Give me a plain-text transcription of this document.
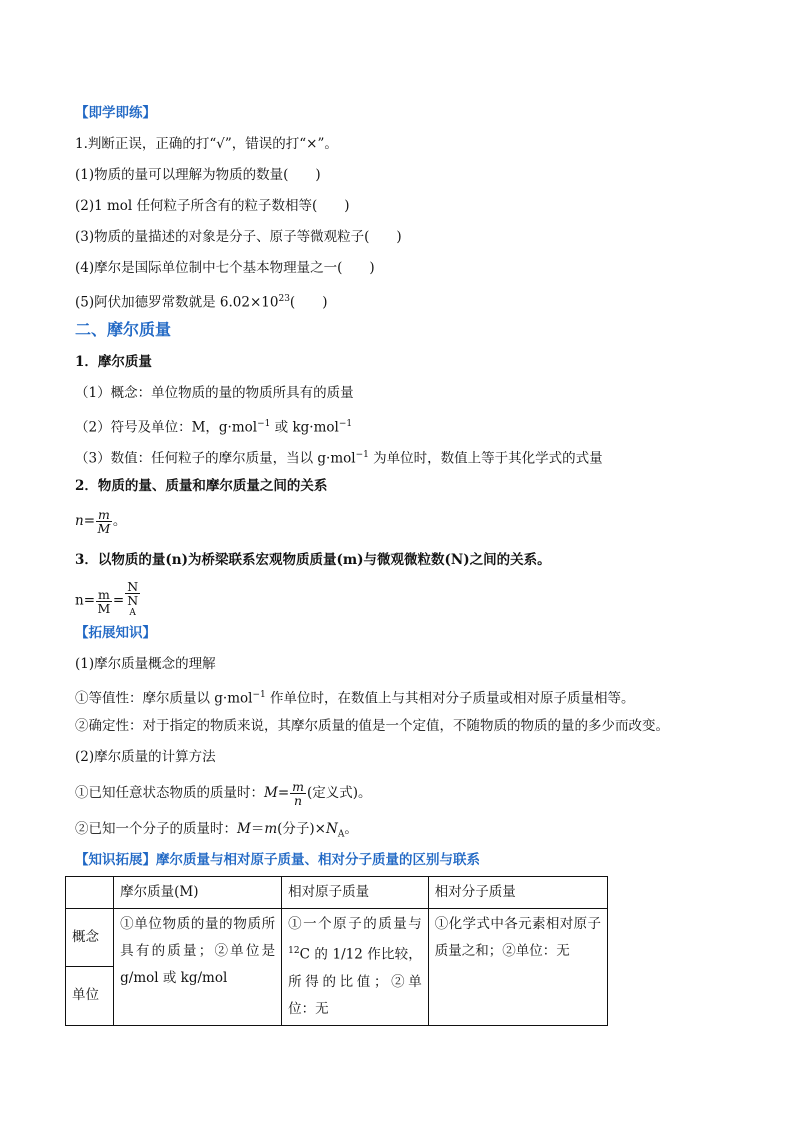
【即学即练】
1.判断正误，正确的打“√”，错误的打“×”。
(1)物质的量可以理解为物质的数量(　　)
(2)1 mol 任何粒子所含有的粒子数相等(　　)
(3)物质的量描述的对象是分子、原子等微观粒子(　　)
(4)摩尔是国际单位制中七个基本物理量之一(　　)
(5)阿伏加德罗常数就是 $6.02\times 10^{23}$(　　)
二、摩尔质量
1．摩尔质量
（1）概念：单位物质的量的物质所具有的质量
（2）符号及单位：M，g·mol$^{-1}$ 或 kg·mol$^{-1}$
（3）数值：任何粒子的摩尔质量，当以 g·mol$^{-1}$ 为单位时，数值上等于其化学式的式量
2．物质的量、质量和摩尔质量之间的关系
$n= \frac{m}{M}$ 。
3．以物质的量(n)为桥梁联系宏观物质质量(m)与微观微粒数(N)之间的关系。
$n= \frac{m}{M} = N$
N
$^A$
【拓展知识】
(1)摩尔质量概念的理解
①等值性：摩尔质量以 g·mol$^{-1}$ 作单位时，在数值上与其相对分子质量或相对原子质量相等。
②确定性：对于指定的物质来说，其摩尔质量的值是一个定值，不随物质的物质的量的多少而改变。
(2)摩尔质量的计算方法
①已知任意状态物质的质量时：$M= \frac{m}{n}$ (定义式)。
②已知一个分子的质量时：M＝m(分子)$\times N_A$。
【知识拓展】摩尔质量与相对原子质量、相对分子质量的区别与联系
	摩尔质量(M)	相对原子质量	相对分子质量
概念	①单位物质的量的物质所具有的质量；②单位是 g/mol 或 kg/mol	①一个原子的质量与$^{12}$C 的 1/12 作比较，所得的比值；②单位：无	①化学式中各元素相对原子质量之和；②单位：无
单位			
